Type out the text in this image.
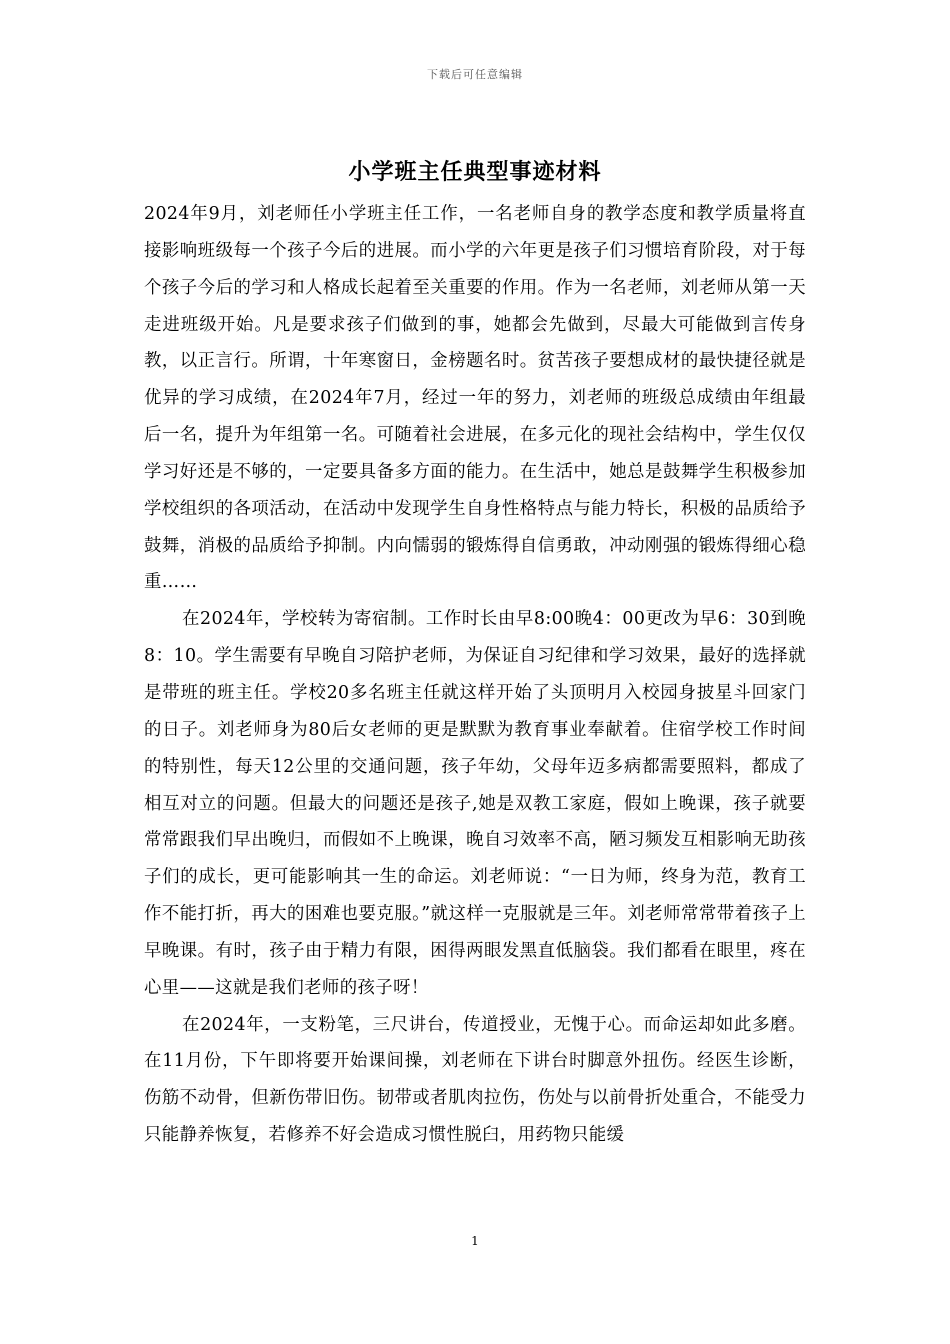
下载后可任意编辑
小学班主任典型事迹材料

2024年9月，刘老师任小学班主任工作，一名老师自身的教学态度和教学质量将直接影响班级每一个孩子今后的进展。而小学的六年更是孩子们习惯培育阶段，对于每个孩子今后的学习和人格成长起着至关重要的作用。作为一名老师，刘老师从第一天走进班级开始。凡是要求孩子们做到的事，她都会先做到，尽最大可能做到言传身教，以正言行。所谓，十年寒窗日，金榜题名时。贫苦孩子要想成材的最快捷径就是优异的学习成绩，在2024年7月，经过一年的努力，刘老师的班级总成绩由年组最后一名，提升为年组第一名。可随着社会进展，在多元化的现社会结构中，学生仅仅学习好还是不够的，一定要具备多方面的能力。在生活中，她总是鼓舞学生积极参加学校组织的各项活动，在活动中发现学生自身性格特点与能力特长，积极的品质给予鼓舞，消极的品质给予抑制。内向懦弱的锻炼得自信勇敢，冲动刚强的锻炼得细心稳重……

在2024年，学校转为寄宿制。工作时长由早8:00晚4：00更改为早6：30到晚8：10。学生需要有早晚自习陪护老师，为保证自习纪律和学习效果，最好的选择就是带班的班主任。学校20多名班主任就这样开始了头顶明月入校园身披星斗回家门的日子。刘老师身为80后女老师的更是默默为教育事业奉献着。住宿学校工作时间的特别性，每天12公里的交通问题，孩子年幼，父母年迈多病都需要照料，都成了相互对立的问题。但最大的问题还是孩子,她是双教工家庭，假如上晚课，孩子就要常常跟我们早出晚归，而假如不上晚课，晚自习效率不高，陋习频发互相影响无助孩子们的成长，更可能影响其一生的命运。刘老师说：“一日为师，终身为范，教育工作不能打折，再大的困难也要克服。”就这样一克服就是三年。刘老师常常带着孩子上早晚课。有时，孩子由于精力有限，困得两眼发黑直低脑袋。我们都看在眼里，疼在心里——这就是我们老师的孩子呀！

在2024年，一支粉笔，三尺讲台，传道授业，无愧于心。而命运却如此多磨。在11月份，下午即将要开始课间操，刘老师在下讲台时脚意外扭伤。经医生诊断，伤筋不动骨，但新伤带旧伤。韧带或者肌肉拉伤，伤处与以前骨折处重合，不能受力只能静养恢复，若修养不好会造成习惯性脱臼，用药物只能缓

1
